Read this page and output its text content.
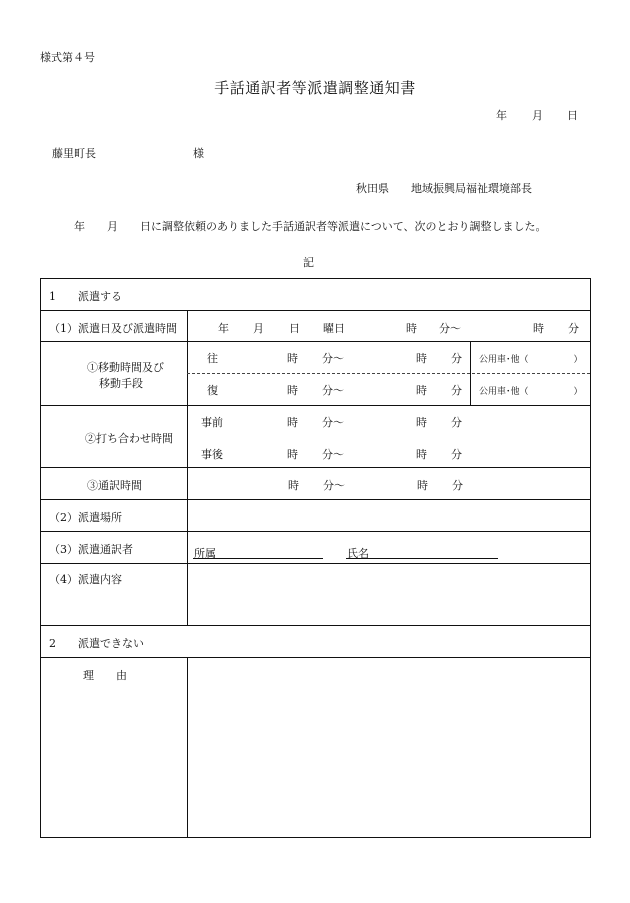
様式第４号
手話通訳者等派遣調整通知書
年 月 日
藤里町長	様
秋田県　　地域振興局福祉環境部長
年　　月　　日に調整依頼のありました手話通訳者等派遣について、次のとおり調整しました。
記
1　　派遣する
（1）派遣日及び派遣時間	年 月 日 曜日	時 分〜	時 分
①移動時間及び
移動手段
往	時 分〜	時 分 公用車･他（　　　　　）
復	時 分〜	時 分 公用車･他（　　　　　）
②打ち合わせ時間
事前	時 分〜	時 分
事後	時 分〜	時 分
③通訳時間	時 分〜	時 分
（2）派遣場所
（3）派遣通訳者	所属	氏名
（4）派遣内容
2　　派遣できない
理　　由
